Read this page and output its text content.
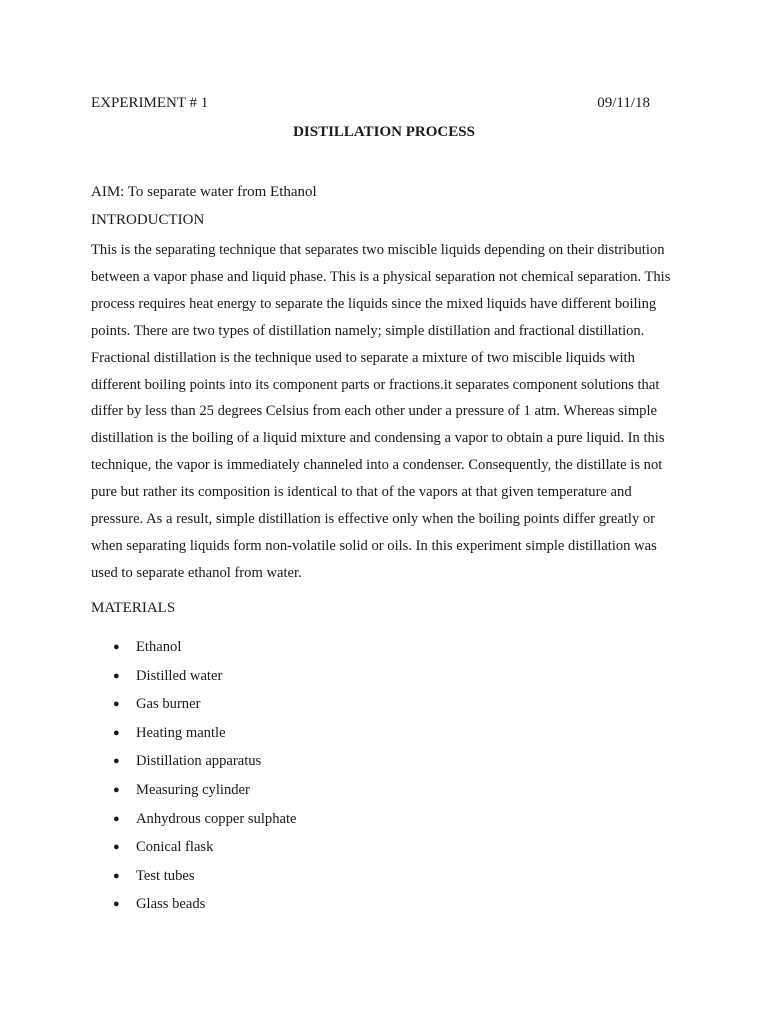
EXPERIMENT # 1	09/11/18
DISTILLATION PROCESS
AIM: To separate water from Ethanol
INTRODUCTION
This is the separating technique that separates two miscible liquids depending on their distribution between a vapor phase and liquid phase. This is a physical separation not chemical separation. This process requires heat energy to separate the liquids since the mixed liquids have different boiling points. There are two types of distillation namely; simple distillation and fractional distillation. Fractional distillation is the technique used to separate a mixture of two miscible liquids with different boiling points into its component parts or fractions.it separates component solutions that differ by less than 25 degrees Celsius from each other under a pressure of 1 atm. Whereas simple distillation is the boiling of a liquid mixture and condensing a vapor to obtain a pure liquid. In this technique, the vapor is immediately channeled into a condenser. Consequently, the distillate is not pure but rather its composition is identical to that of the vapors at that given temperature and pressure. As a result, simple distillation is effective only when the boiling points differ greatly or when separating liquids form non-volatile solid or oils. In this experiment simple distillation was used to separate ethanol from water.
MATERIALS
● Ethanol
● Distilled water
● Gas burner
● Heating mantle
● Distillation apparatus
● Measuring cylinder
● Anhydrous copper sulphate
● Conical flask
● Test tubes
● Glass beads
